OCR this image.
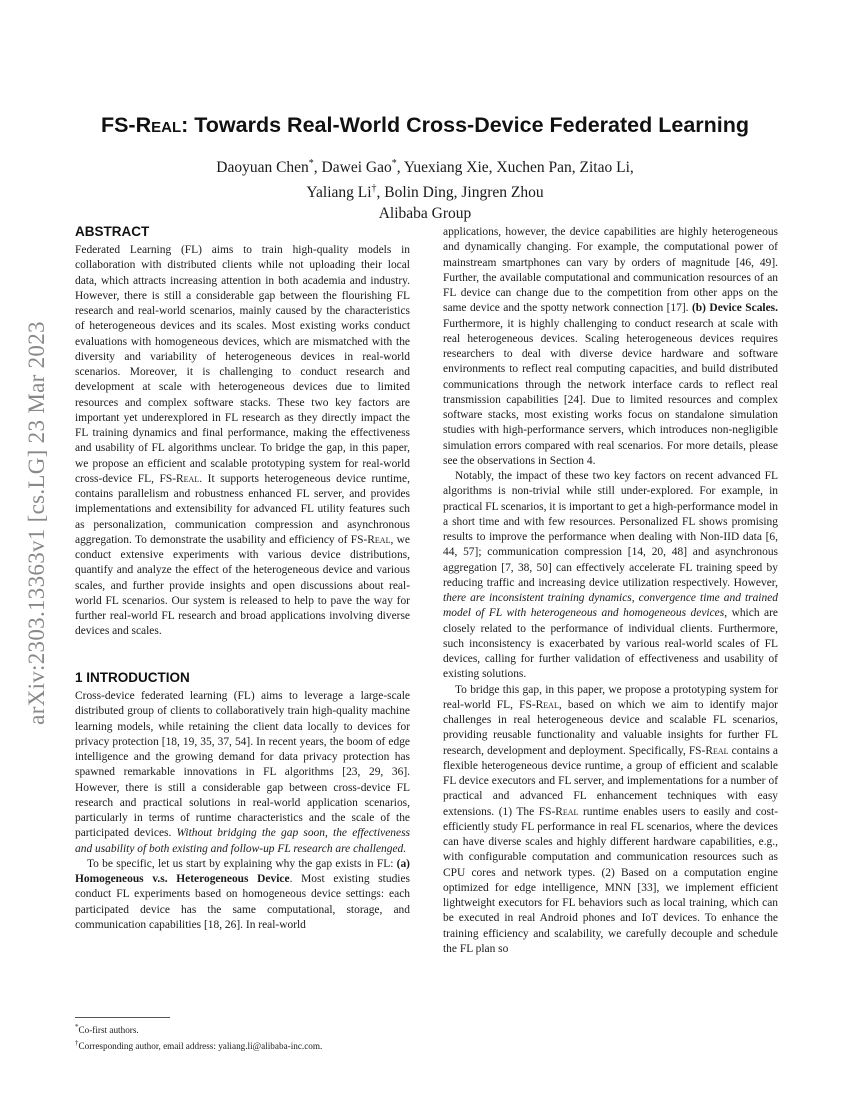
arXiv:2303.13363v1 [cs.LG] 23 Mar 2023
FS-Real: Towards Real-World Cross-Device Federated Learning
Daoyuan Chen*, Dawei Gao*, Yuexiang Xie, Xuchen Pan, Zitao Li,
Yaliang Li†, Bolin Ding, Jingren Zhou
Alibaba Group
ABSTRACT

Federated Learning (FL) aims to train high-quality models in collaboration with distributed clients while not uploading their local data, which attracts increasing attention in both academia and industry. However, there is still a considerable gap between the flourishing FL research and real-world scenarios, mainly caused by the characteristics of heterogeneous devices and its scales. Most existing works conduct evaluations with homogeneous devices, which are mismatched with the diversity and variability of heterogeneous devices in real-world scenarios. Moreover, it is challenging to conduct research and development at scale with heterogeneous devices due to limited resources and complex software stacks. These two key factors are important yet underexplored in FL research as they directly impact the FL training dynamics and final performance, making the effectiveness and usability of FL algorithms unclear. To bridge the gap, in this paper, we propose an efficient and scalable prototyping system for real-world cross-device FL, FS-Real. It supports heterogeneous device runtime, contains parallelism and robustness enhanced FL server, and provides implementations and extensibility for advanced FL utility features such as personalization, communication compression and asynchronous aggregation. To demonstrate the usability and efficiency of FS-Real, we conduct extensive experiments with various device distributions, quantify and analyze the effect of the heterogeneous device and various scales, and further provide insights and open discussions about real-world FL scenarios. Our system is released to help to pave the way for further real-world FL research and broad applications involving diverse devices and scales.

1 INTRODUCTION

Cross-device federated learning (FL) aims to leverage a large-scale distributed group of clients to collaboratively train high-quality machine learning models, while retaining the client data locally to devices for privacy protection [18, 19, 35, 37, 54]. In recent years, the boom of edge intelligence and the growing demand for data privacy protection has spawned remarkable innovations in FL algorithms [23, 29, 36]. However, there is still a considerable gap between cross-device FL research and practical solutions in real-world application scenarios, particularly in terms of runtime characteristics and the scale of the participated devices. Without bridging the gap soon, the effectiveness and usability of both existing and follow-up FL research are challenged.

To be specific, let us start by explaining why the gap exists in FL: (a) Homogeneous v.s. Heterogeneous Device. Most existing studies conduct FL experiments based on homogeneous device settings: each participated device has the same computational, storage, and communication capabilities [18, 26]. In real-world

applications, however, the device capabilities are highly heterogeneous and dynamically changing. For example, the computational power of mainstream smartphones can vary by orders of magnitude [46, 49]. Further, the available computational and communication resources of an FL device can change due to the competition from other apps on the same device and the spotty network connection [17]. (b) Device Scales. Furthermore, it is highly challenging to conduct research at scale with real heterogeneous devices. Scaling heterogeneous devices requires researchers to deal with diverse device hardware and software environments to reflect real computing capacities, and build distributed communications through the network interface cards to reflect real transmission capabilities [24]. Due to limited resources and complex software stacks, most existing works focus on standalone simulation studies with high-performance servers, which introduces non-negligible simulation errors compared with real scenarios. For more details, please see the observations in Section 4.

Notably, the impact of these two key factors on recent advanced FL algorithms is non-trivial while still under-explored. For example, in practical FL scenarios, it is important to get a high-performance model in a short time and with few resources. Personalized FL shows promising results to improve the performance when dealing with Non-IID data [6, 44, 57]; communication compression [14, 20, 48] and asynchronous aggregation [7, 38, 50] can effectively accelerate FL training speed by reducing traffic and increasing device utilization respectively. However, there are inconsistent training dynamics, convergence time and trained model of FL with heterogeneous and homogeneous devices, which are closely related to the performance of individual clients. Furthermore, such inconsistency is exacerbated by various real-world scales of FL devices, calling for further validation of effectiveness and usability of existing solutions.

To bridge this gap, in this paper, we propose a prototyping system for real-world FL, FS-Real, based on which we aim to identify major challenges in real heterogeneous device and scalable FL scenarios, providing reusable functionality and valuable insights for further FL research, development and deployment. Specifically, FS-Real contains a flexible heterogeneous device runtime, a group of efficient and scalable FL device executors and FL server, and implementations for a number of practical and advanced FL enhancement techniques with easy extensions. (1) The FS-Real runtime enables users to easily and cost-efficiently study FL performance in real FL scenarios, where the devices can have diverse scales and highly different hardware capabilities, e.g., with configurable computation and communication resources such as CPU cores and network types. (2) Based on a computation engine optimized for edge intelligence, MNN [33], we implement efficient lightweight executors for FL behaviors such as local training, which can be executed in real Android phones and IoT devices. To enhance the training efficiency and scalability, we carefully decouple and schedule the FL plan so

*Co-first authors.
†Corresponding author, email address: yaliang.li@alibaba-inc.com.
